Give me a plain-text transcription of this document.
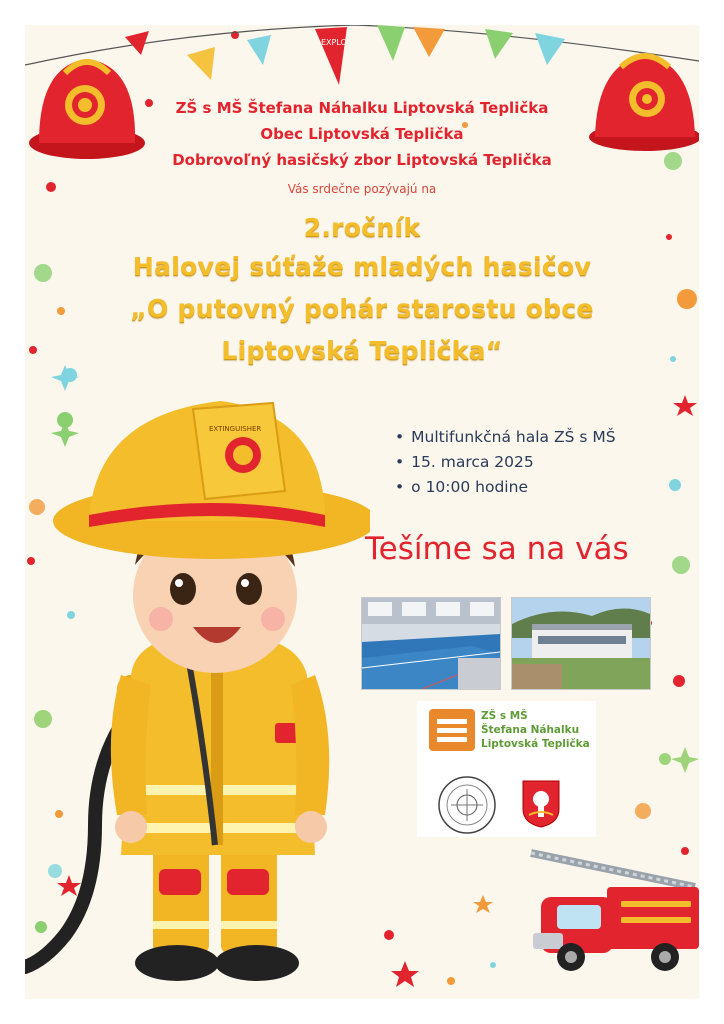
EXPLO
ZŠ s MŠ Štefana Náhalku Liptovská Teplička
Obec Liptovská Teplička
Dobrovoľný hasičský zbor Liptovská Teplička
Vás srdečne pozývajú na
2.ročník
Halovej súťaže mladých hasičov
„O putovný pohár starostu obce
Liptovská Teplička“
EXTINGUISHER
•	Multifunkčná hala ZŠ s MŠ
• 15. marca 2025
• o 10:00 hodine
Tešíme sa na vás
ZŠ s MŠ
Štefana Náhalku
Liptovská Teplička
